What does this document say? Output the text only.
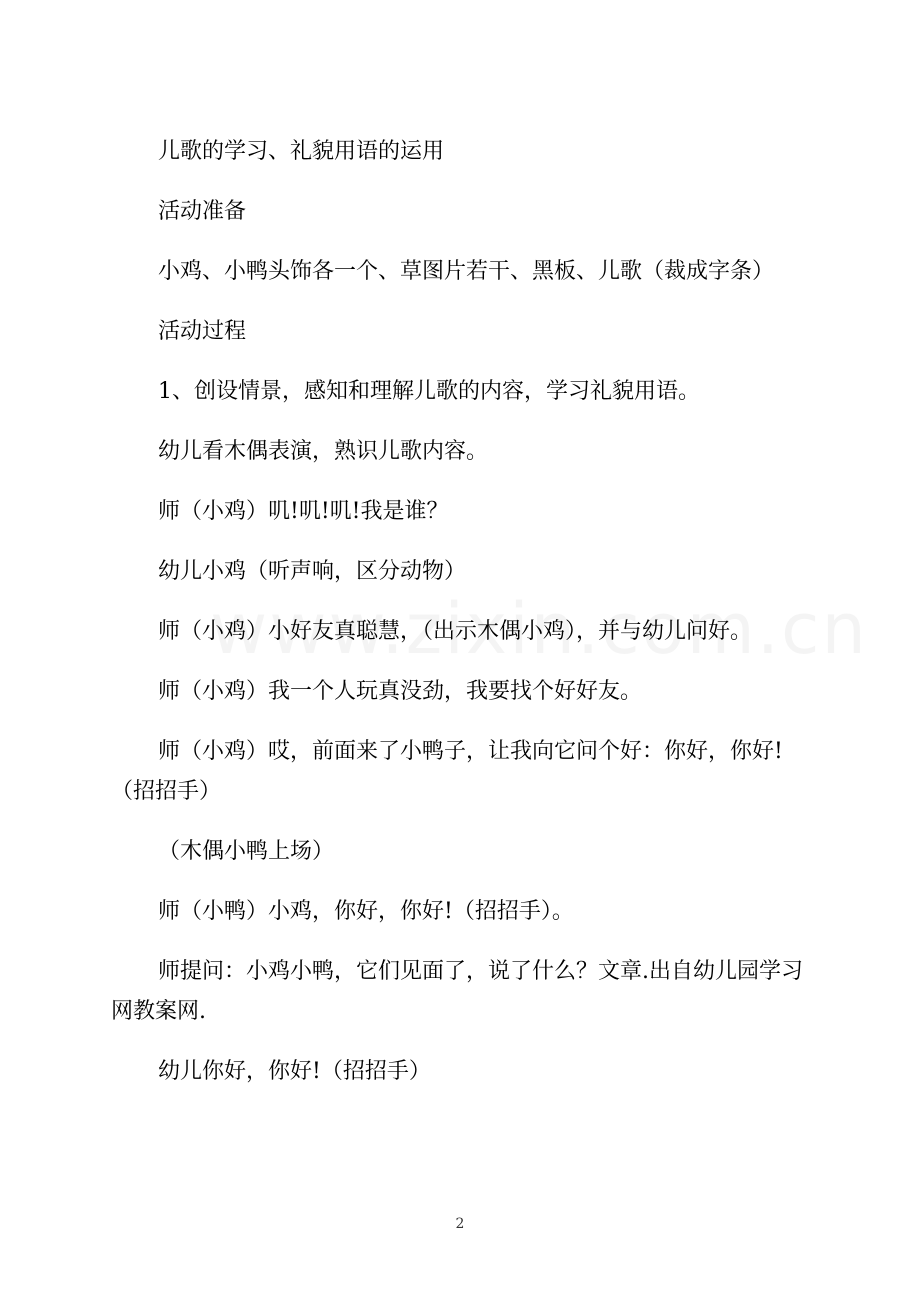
儿歌的学习、礼貌用语的运用

活动准备

小鸡、小鸭头饰各一个、草图片若干、黑板、儿歌（裁成字条）

活动过程

1、创设情景，感知和理解儿歌的内容，学习礼貌用语。

幼儿看木偶表演，熟识儿歌内容。

师（小鸡）叽!叽!叽!我是谁？

幼儿小鸡（听声响，区分动物）

师（小鸡）小好友真聪慧，（出示木偶小鸡），并与幼儿问好。

师（小鸡）我一个人玩真没劲，我要找个好好友。

师（小鸡）哎，前面来了小鸭子，让我向它问个好：你好，你好!（招招手）

（木偶小鸭上场）

师（小鸭）小鸡，你好，你好!（招招手）。

师提问：小鸡小鸭，它们见面了，说了什么？文章.出自幼儿园学习网教案网.

幼儿你好，你好!（招招手）

2
